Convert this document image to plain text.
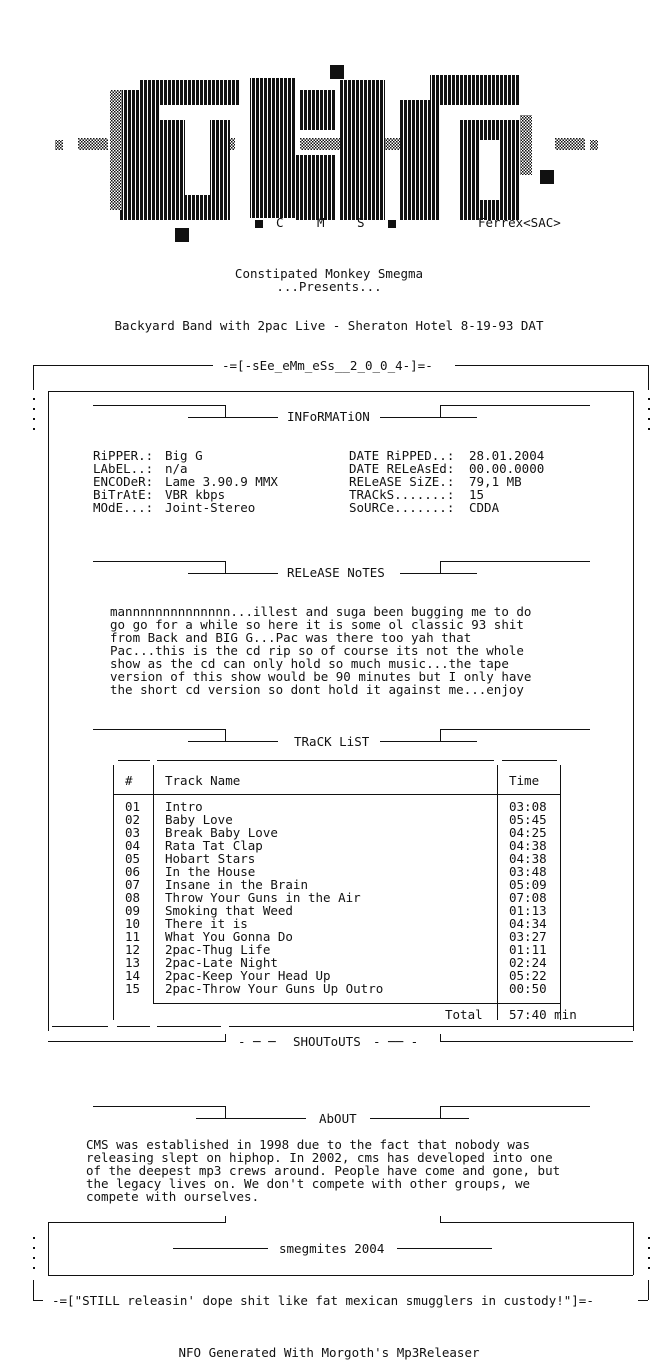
C	M	S	Ferrex<SAC>
Constipated Monkey Smegma
...Presents...
Backyard Band with 2pac Live - Sheraton Hotel 8-19-93 DAT
-=[-sEe_eMm_eSs__2_0_0_4-]=-
INFoRMATiON
RiPPER.: Big G
LAbEL..: n/a
ENCODeR: Lame 3.90.9 MMX
BiTrAtE: VBR kbps
MOdE...: Joint-Stereo
DATE RiPPED..: 28.01.2004
DATE RELeAsEd: 00.00.0000
RELeASE SiZE.: 79,1 MB
TRACkS.......: 15
SoURCe.......: CDDA
RELeASE NoTES
mannnnnnnnnnnnnn...illest and suga been bugging me to do
go go for a while so here it is some ol classic 93 shit
from Back and BIG G...Pac was there too yah that
Pac...this is the cd rip so of course its not the whole
show as the cd can only hold so much music...the tape
version of this show would be 90 minutes but I only have
the short cd version so dont hold it against me...enjoy
TRaCK LiST
#	Track Name	Time
01 Intro	03:08
02 Baby Love	05:45
03 Break Baby Love	04:25
04 Rata Tat Clap	04:38
05 Hobart Stars	04:38
06 In the House	03:48
07 Insane in the Brain	05:09
08 Throw Your Guns in the Air	07:08
09 Smoking that Weed	01:13
10 There it is	04:34
11 What You Gonna Do	03:27
12 2pac-Thug Life	01:11
13 2pac-Late Night	02:24
14 2pac-Keep Your Head Up	05:22
15 2pac-Throw Your Guns Up Outro	00:50
Total 57:40 min
- ─ ─ SHOUToUTS - ── -
AbOUT
CMS was established in 1998 due to the fact that nobody was
releasing slept on hiphop. In 2002, cms has developed into one
of the deepest mp3 crews around. People have come and gone, but
the legacy lives on. We don't compete with other groups, we
compete with ourselves.
smegmites 2004
-=["STILL releasin' dope shit like fat mexican smugglers in custody!"]=-
NFO Generated With Morgoth's Mp3Releaser
